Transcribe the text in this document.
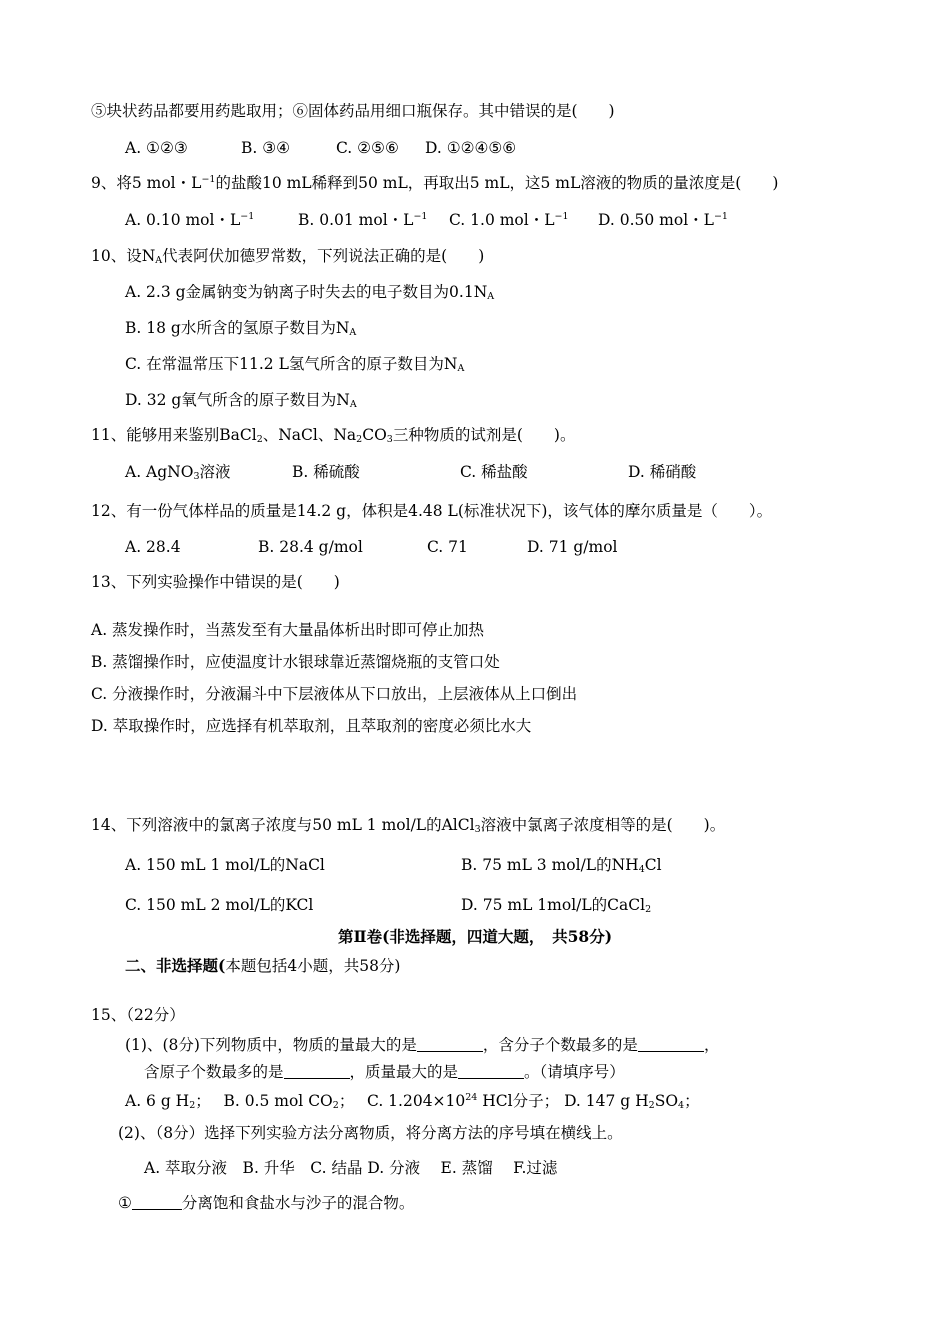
⑤块状药品都要用药匙取用；⑥固体药品用细口瓶保存。其中错误的是(　　)
A. ①②③	B. ③④	C. ②⑤⑥ D. ①②④⑤⑥
9、将5 mol・$L^{-1}$的盐酸10 mL稀释到50 mL，再取出5 mL，这5 mL溶液的物质的量浓度是(　　)
A. 0.10 mol・$L^{-1}$	B. 0.01 mol・$L^{-1}$ C. 1.0 mol・$L^{-1}$ D. 0.50 mol・$L^{-1}$
10、设$N_A$代表阿伏加德罗常数，下列说法正确的是(　　)
A. 2.3 g金属钠变为钠离子时失去的电子数目为$0.1N_A$
B. 18 g水所含的氢原子数目为$N_A$
C. 在常温常压下11.2 L氢气所含的原子数目为$N_A$
D. 32 g氧气所含的原子数目为$N_A$
11、能够用来鉴别BaCl$_2$、NaCl、$Na_2CO_3$三种物质的试剂是(　　)。
A. AgNO$_3$溶液	B. 稀硫酸	C. 稀盐酸	D. 稀硝酸
12、有一份气体样品的质量是14.2 g，体积是4.48 L(标准状况下)，该气体的摩尔质量是（　　）。
A. 28.4	B. 28.4 g/mol	C. 71	D. 71 g/mol
13、下列实验操作中错误的是(　　)
A. 蒸发操作时，当蒸发至有大量晶体析出时即可停止加热
B. 蒸馏操作时，应使温度计水银球靠近蒸馏烧瓶的支管口处
C. 分液操作时，分液漏斗中下层液体从下口放出，上层液体从上口倒出
D. 萃取操作时，应选择有机萃取剂，且萃取剂的密度必须比水大
14、下列溶液中的氯离子浓度与50 mL 1 mol/L的AlCl$_3$溶液中氯离子浓度相等的是(　　)。
A. 150 mL 1 mol/L的NaCl	B. 75 mL 3 mol/L的$NH_4Cl$
C. 150 mL 2 mol/L的KCl	D. 75 mL 1mol/L的CaCl$_2$
第Ⅱ卷(非选择题，四道大题，　共58分)
二、非选择题(本题包括4小题，共58分)
15、（22分）
(1)、(8分)下列物质中，物质的量最大的是	，含分子个数最多的是	，
含原子个数最多的是	，质量最大的是	。（请填序号）
A. 6 g $H_2$；　 B. 0.5 mol $CO_2$；　 C. $1.204\times 10^{24}$ HCl分子； D. 147 g $H_2SO_4$；
(2)、（8分）选择下列实验方法分离物质，将分离方法的序号填在横线上。
A. 萃取分液　B. 升华　C. 结晶 D. 分液　 E. 蒸馏　 F.过滤
①	分离饱和食盐水与沙子的混合物。
